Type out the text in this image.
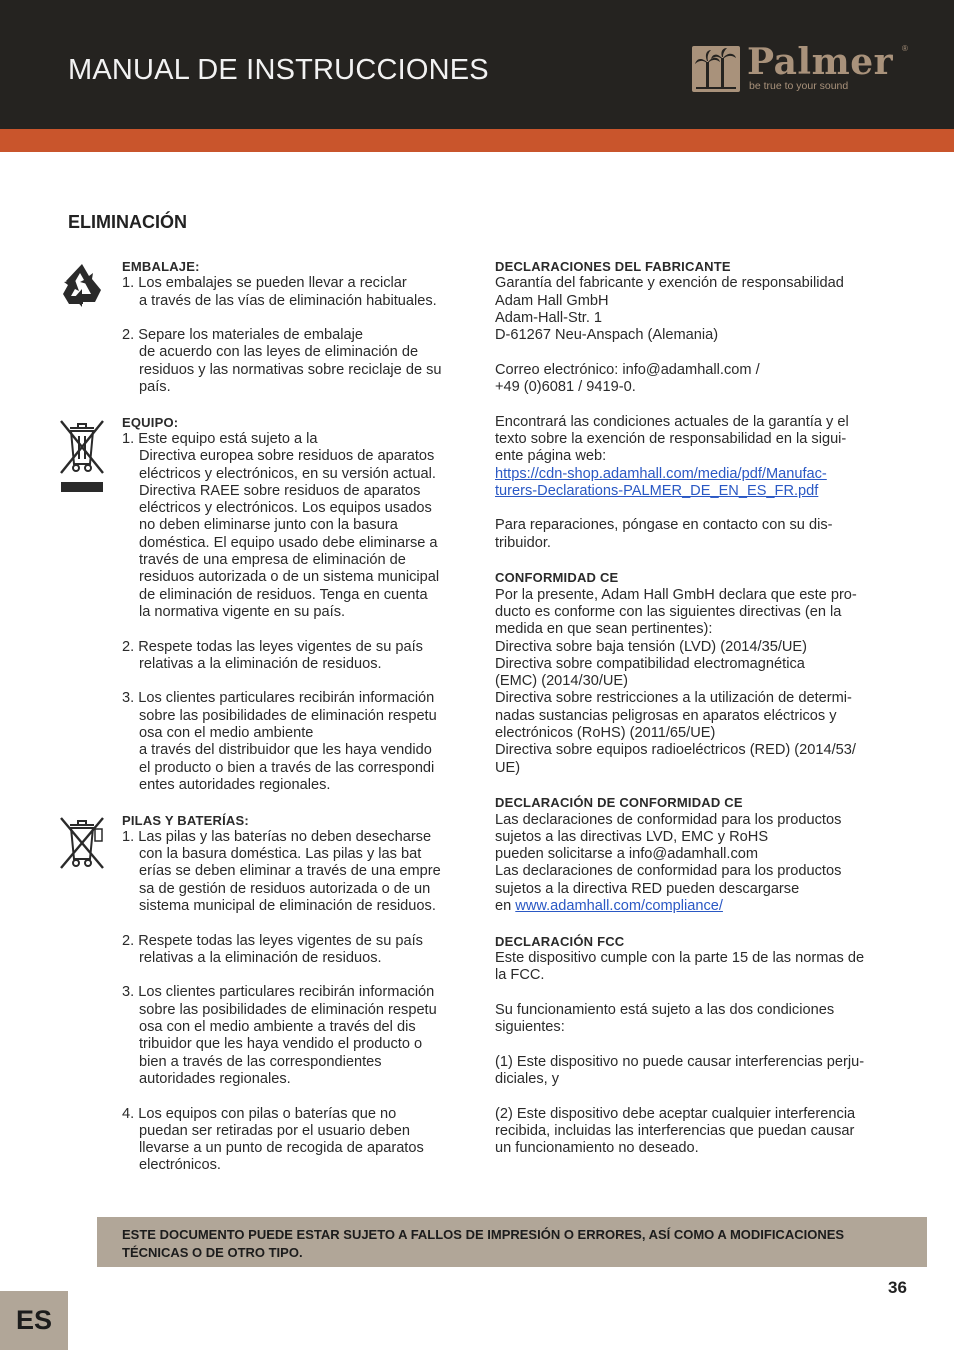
MANUAL DE INSTRUCCIONES	Palmer ®
be true to your sound
ELIMINACIÓN
EMBALAJE:
1. Los embalajes se pueden llevar a reciclar
a través de las vías de eliminación habituales.
2. Separe los materiales de embalaje
de acuerdo con las leyes de eliminación de
residuos y las normativas sobre reciclaje de su
país.
EQUIPO:
1. Este equipo está sujeto a la
Directiva europea sobre residuos de aparatos
eléctricos y electrónicos, en su versión actual.
Directiva RAEE sobre residuos de aparatos
eléctricos y electrónicos. Los equipos usados
no deben eliminarse junto con la basura
doméstica. El equipo usado debe eliminarse a
través de una empresa de eliminación de
residuos autorizada o de un sistema municipal
de eliminación de residuos. Tenga en cuenta
la normativa vigente en su país.
2. Respete todas las leyes vigentes de su país
relativas a la eliminación de residuos.
3. Los clientes particulares recibirán información
sobre las posibilidades de eliminación respetu
osa con el medio ambiente
a través del distribuidor que les haya vendido
el producto o bien a través de las correspondi
entes autoridades regionales.
PILAS Y BATERÍAS:
1. Las pilas y las baterías no deben desecharse
con la basura doméstica. Las pilas y las bat
erías se deben eliminar a través de una empre
sa de gestión de residuos autorizada o de un
sistema municipal de eliminación de residuos.
2. Respete todas las leyes vigentes de su país
relativas a la eliminación de residuos.
3. Los clientes particulares recibirán información
sobre las posibilidades de eliminación respetu
osa con el medio ambiente a través del dis
tribuidor que les haya vendido el producto o
bien a través de las correspondientes
autoridades regionales.
4. Los equipos con pilas o baterías que no
puedan ser retiradas por el usuario deben
llevarse a un punto de recogida de aparatos
electrónicos.
DECLARACIONES DEL FABRICANTE
Garantía del fabricante y exención de responsabilidad
Adam Hall GmbH
Adam-Hall-Str. 1
D-61267 Neu-Anspach (Alemania)
Correo electrónico: info@adamhall.com /
+49 (0)6081 / 9419-0.
Encontrará las condiciones actuales de la garantía y el
texto sobre la exención de responsabilidad en la sigui-
ente página web:
https://cdn-shop.adamhall.com/media/pdf/Manufac-
turers-Declarations-PALMER_DE_EN_ES_FR.pdf
Para reparaciones, póngase en contacto con su dis-
tribuidor.
CONFORMIDAD CE
Por la presente, Adam Hall GmbH declara que este pro-
ducto es conforme con las siguientes directivas (en la
medida en que sean pertinentes):
Directiva sobre baja tensión (LVD) (2014/35/UE)
Directiva sobre compatibilidad electromagnética
(EMC) (2014/30/UE)
Directiva sobre restricciones a la utilización de determi-
nadas sustancias peligrosas en aparatos eléctricos y
electrónicos (RoHS) (2011/65/UE)
Directiva sobre equipos radioeléctricos (RED) (2014/53/
UE)
DECLARACIÓN DE CONFORMIDAD CE
Las declaraciones de conformidad para los productos
sujetos a las directivas LVD, EMC y RoHS
pueden solicitarse a info@adamhall.com
Las declaraciones de conformidad para los productos
sujetos a la directiva RED pueden descargarse
en www.adamhall.com/compliance/
DECLARACIÓN FCC
Este dispositivo cumple con la parte 15 de las normas de
la FCC.
Su funcionamiento está sujeto a las dos condiciones
siguientes:
(1) Este dispositivo no puede causar interferencias perju-
diciales, y
(2) Este dispositivo debe aceptar cualquier interferencia
recibida, incluidas las interferencias que puedan causar
un funcionamiento no deseado.
ESTE DOCUMENTO PUEDE ESTAR SUJETO A FALLOS DE IMPRESIÓN O ERRORES, ASÍ COMO A MODIFICACIONES TÉCNICAS O DE OTRO TIPO.
36
ES
